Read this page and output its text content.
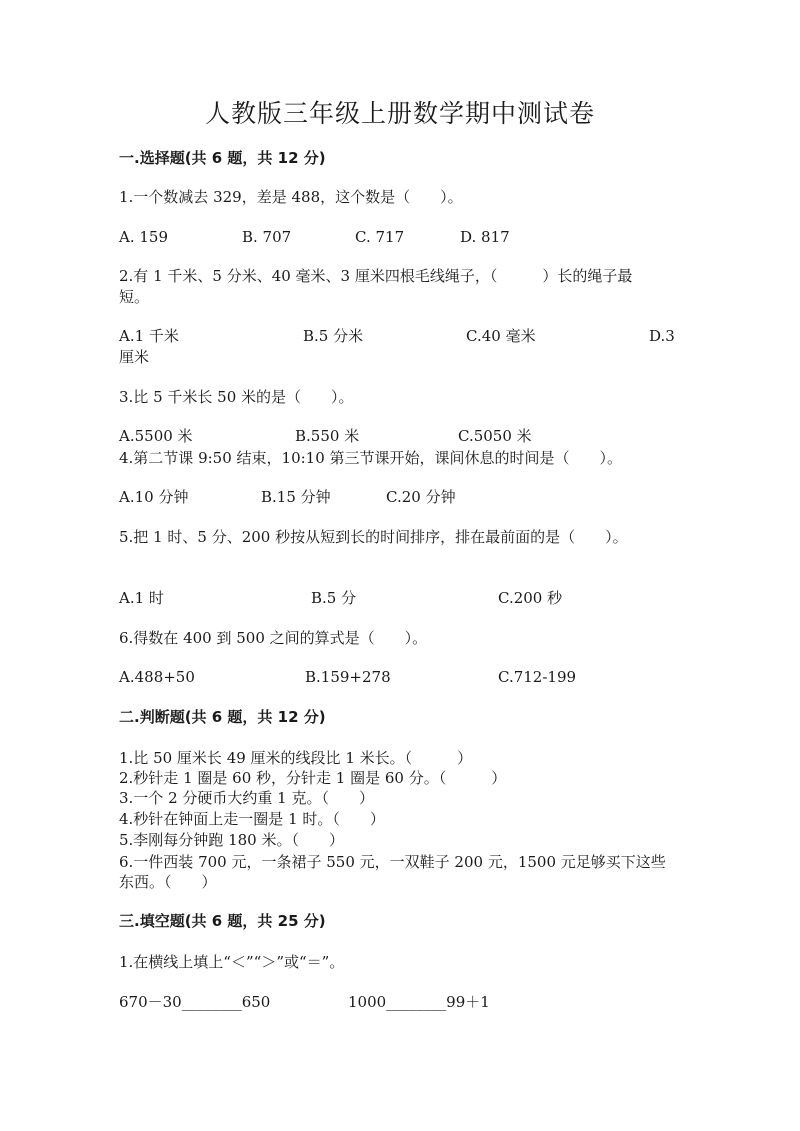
人教版三年级上册数学期中测试卷
一.选择题(共 6 题，共 12 分)
1.一个数减去 329，差是 488，这个数是（　　）。
A. 159	B. 707	C. 717	D. 817
2.有 1 千米、5 分米、40 毫米、3 厘米四根毛线绳子，（　　　）长的绳子最
短。
A.1 千米	B.5 分米	C.40 毫米	D.3
厘米
3.比 5 千米长 50 米的是（　　）。
A.5500 米	B.550 米	C.5050 米
4.第二节课 9:50 结束，10:10 第三节课开始，课间休息的时间是（　　）。
A.10 分钟	B.15 分钟	C.20 分钟
5.把 1 时、5 分、200 秒按从短到长的时间排序，排在最前面的是（　　）。
A.1 时	B.5 分	C.200 秒
6.得数在 400 到 500 之间的算式是（　　）。
A.488+50	B.159+278	C.712-199
二.判断题(共 6 题，共 12 分)
1.比 50 厘米长 49 厘米的线段比 1 米长。（　　　）
2.秒针走 1 圈是 60 秒，分针走 1 圈是 60 分。（　　　）
3.一个 2 分硬币大约重 1 克。（　　）
4.秒针在钟面上走一圈是 1 时。（　　）
5.李刚每分钟跑 180 米。（　　）
6.一件西装 700 元，一条裙子 550 元，一双鞋子 200 元，1500 元足够买下这些
东西。（　　）
三.填空题(共 6 题，共 25 分)
1.在横线上填上“＜”“＞”或“＝”。
670－30________650	1000________99＋1
